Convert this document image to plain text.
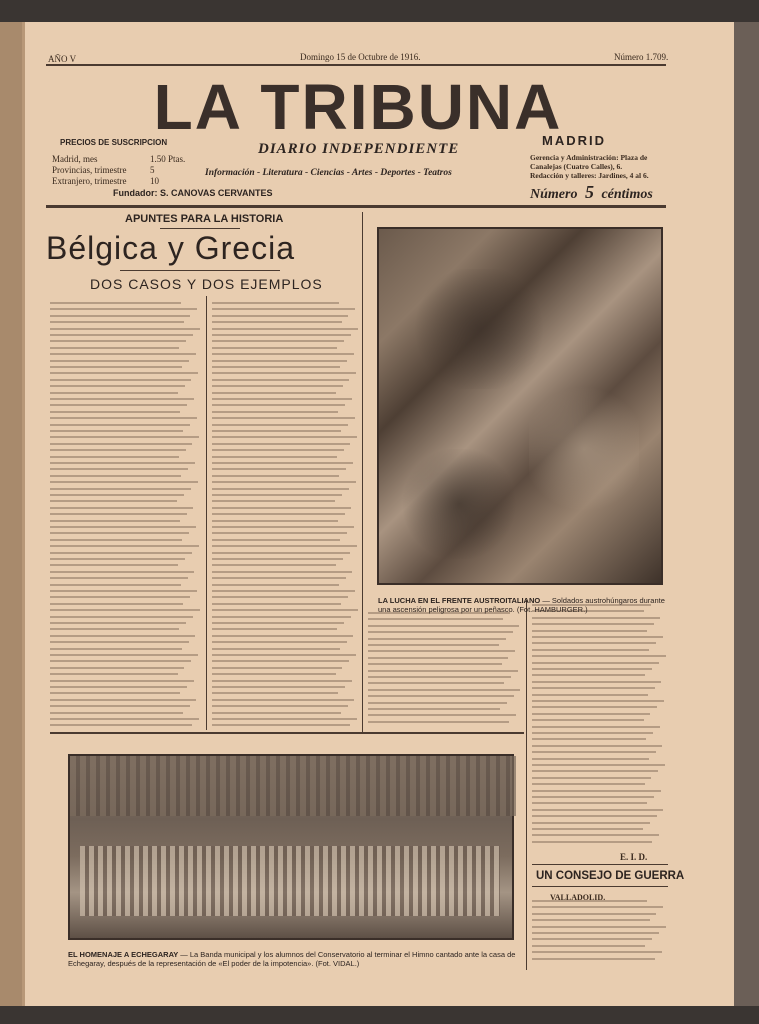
AÑO V	Domingo 15 de Octubre de 1916.	Número 1.709.
LA TRIBUNA
DIARIO INDEPENDIENTE
MADRID
Información - Literatura - Ciencias - Artes - Deportes - Teatros
Fundador: S. CANOVAS CERVANTES
PRECIOS DE SUSCRIPCION
Madrid, mes	1.50 Ptas.
Provincias, trimestre	5
Extranjero, trimestre	10
Gerencia y Administración: Plaza de
Canalejas (Cuatro Calles), 6.
Redacción y talleres: Jardines, 4 al 6.
Número 5 céntimos
APUNTES PARA LA HISTORIA
Bélgica y Grecia
DOS CASOS Y DOS EJEMPLOS
LA LUCHA EN EL FRENTE AUSTROITALIANO — Soldados austrohúngaros durante una ascensión peligrosa por un peñasco. (Fot. HAMBURGER.)
EL HOMENAJE A ECHEGARAY — La Banda municipal y los alumnos del Conservatorio al terminar el Himno cantado ante la casa de Echegaray, después de la representación de «El poder de la impotencia». (Fot. VIDAL.)
E. I. D.
UN CONSEJO DE GUERRA
VALLADOLID.
